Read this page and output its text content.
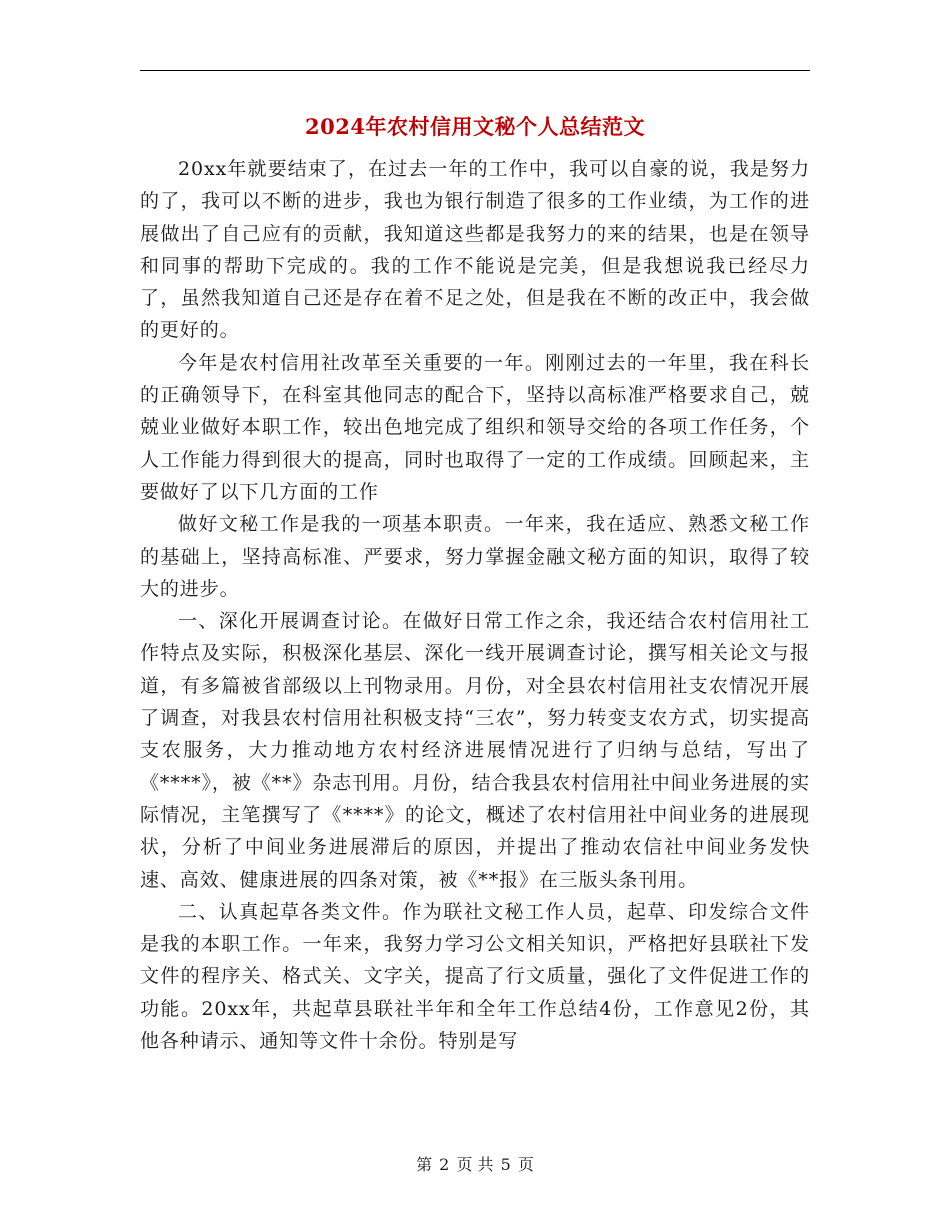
2024年农村信用文秘个人总结范文

20xx年就要结束了，在过去一年的工作中，我可以自豪的说，我是努力的了，我可以不断的进步，我也为银行制造了很多的工作业绩，为工作的进展做出了自己应有的贡献，我知道这些都是我努力的来的结果，也是在领导和同事的帮助下完成的。我的工作不能说是完美，但是我想说我已经尽力了，虽然我知道自己还是存在着不足之处，但是我在不断的改正中，我会做的更好的。

今年是农村信用社改革至关重要的一年。刚刚过去的一年里，我在科长的正确领导下，在科室其他同志的配合下，坚持以高标准严格要求自己，兢兢业业做好本职工作，较出色地完成了组织和领导交给的各项工作任务，个人工作能力得到很大的提高，同时也取得了一定的工作成绩。回顾起来，主要做好了以下几方面的工作

做好文秘工作是我的一项基本职责。一年来，我在适应、熟悉文秘工作的基础上，坚持高标准、严要求，努力掌握金融文秘方面的知识，取得了较大的进步。

一、深化开展调查讨论。在做好日常工作之余，我还结合农村信用社工作特点及实际，积极深化基层、深化一线开展调查讨论，撰写相关论文与报道，有多篇被省部级以上刊物录用。月份，对全县农村信用社支农情况开展了调查，对我县农村信用社积极支持“三农”，努力转变支农方式，切实提高支农服务，大力推动地方农村经济进展情况进行了归纳与总结，写出了《****》，被《**》杂志刊用。月份，结合我县农村信用社中间业务进展的实际情况，主笔撰写了《****》的论文，概述了农村信用社中间业务的进展现状，分析了中间业务进展滞后的原因，并提出了推动农信社中间业务发快速、高效、健康进展的四条对策，被《**报》在三版头条刊用。

二、认真起草各类文件。作为联社文秘工作人员，起草、印发综合文件是我的本职工作。一年来，我努力学习公文相关知识，严格把好县联社下发文件的程序关、格式关、文字关，提高了行文质量，强化了文件促进工作的功能。20xx年，共起草县联社半年和全年工作总结4份，工作意见2份，其他各种请示、通知等文件十余份。特别是写

第 2 页 共 5 页
